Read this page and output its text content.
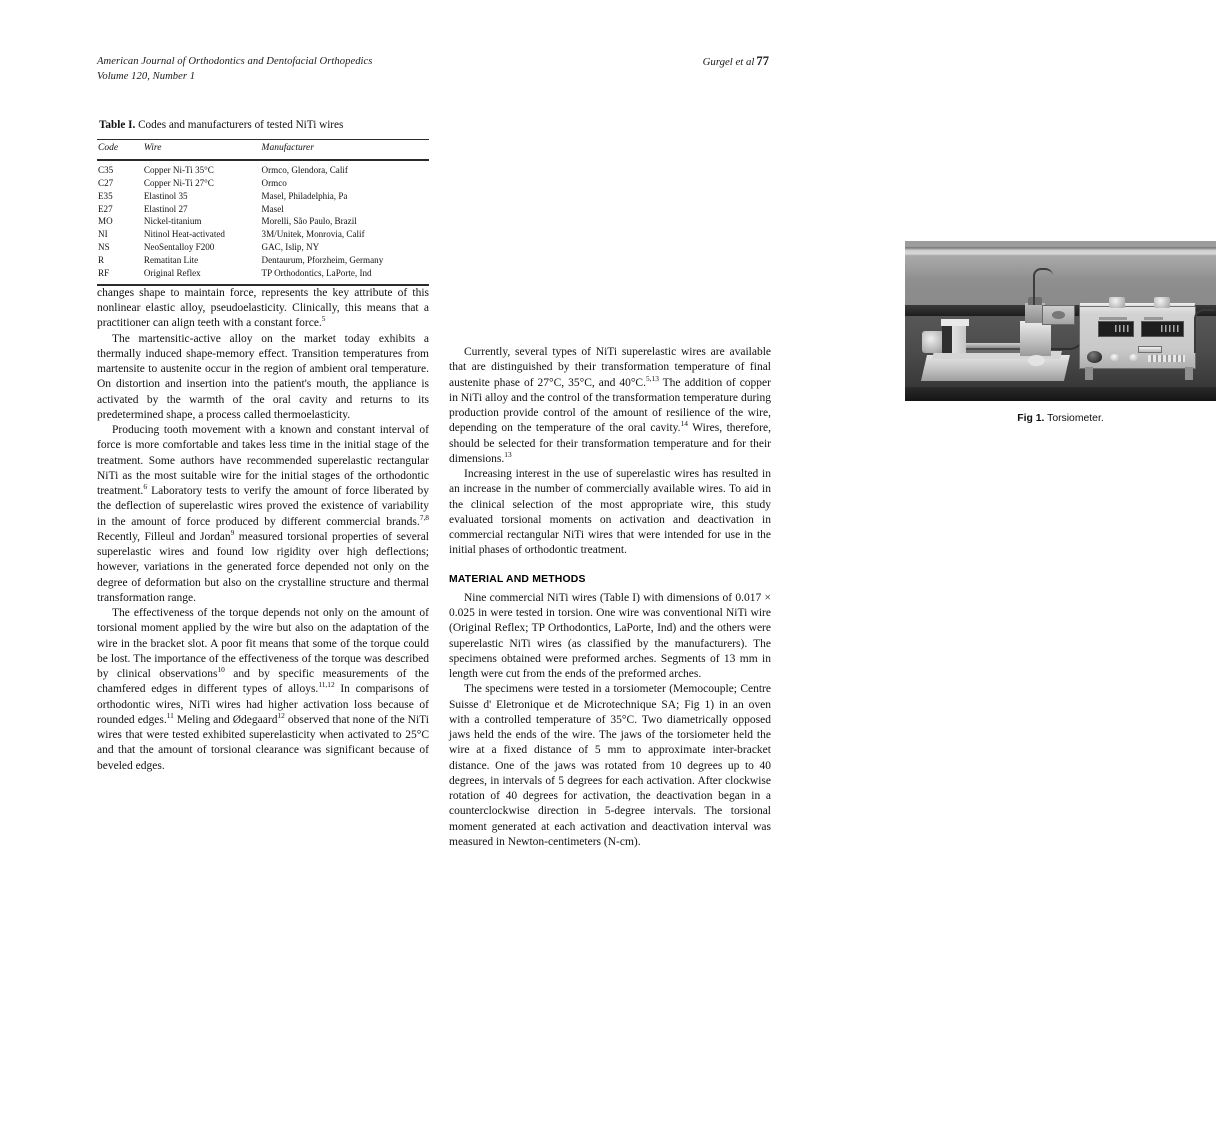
American Journal of Orthodontics and Dentofacial Orthopedics
Volume 120, Number 1
Gurgel et al 77
Table I. Codes and manufacturers of tested NiTi wires
Code	Wire	Manufacturer
C35	Copper Ni-Ti 35°C	Ormco, Glendora, Calif
C27	Copper Ni-Ti 27°C	Ormco
E35	Elastinol 35	Masel, Philadelphia, Pa
E27	Elastinol 27	Masel
MO	Nickel-titanium	Morelli, São Paulo, Brazil
NI	Nitinol Heat-activated	3M/Unitek, Monrovia, Calif
NS	NeoSentalloy F200	GAC, Islip, NY
R	Rematitan Lite	Dentaurum, Pforzheim, Germany
RF	Original Reflex	TP Orthodontics, LaPorte, Ind

changes shape to maintain force, represents the key attribute of this nonlinear elastic alloy, pseudoelasticity. Clinically, this means that a practitioner can align teeth with a constant force.$^5$

The martensitic-active alloy on the market today exhibits a thermally induced shape-memory effect. Transition temperatures from martensite to austenite occur in the region of ambient oral temperature. On distortion and insertion into the patient's mouth, the appliance is activated by the warmth of the oral cavity and returns to its predetermined shape, a process called thermoelasticity.

Producing tooth movement with a known and constant interval of force is more comfortable and takes less time in the initial stage of the treatment. Some authors have recommended superelastic rectangular NiTi as the most suitable wire for the initial stages of the orthodontic treatment.$^6$ Laboratory tests to verify the amount of force liberated by the deflection of superelastic wires proved the existence of variability in the amount of force produced by different commercial brands.$^{7,8}$ Recently, Filleul and Jordan$^9$ measured torsional properties of several superelastic wires and found low rigidity over high deflections; however, variations in the generated force depended not only on the degree of deformation but also on the crystalline structure and thermal transformation range.

The effectiveness of the torque depends not only on the amount of torsional moment applied by the wire but also on the adaptation of the wire in the bracket slot. A poor fit means that some of the torque could be lost. The importance of the effectiveness of the torque was described by clinical observations$^{10}$ and by specific measurements of the chamfered edges in different types of alloys.$^{11,12}$ In comparisons of orthodontic wires, NiTi wires had higher activation loss because of rounded edges.$^{11}$ Meling and Ødegaard$^{12}$ observed that none of the NiTi wires that were tested exhibited superelasticity when activated to 25°C and that the amount of torsional clearance was significant because of beveled edges.

Fig 1. Torsiometer.

Currently, several types of NiTi superelastic wires are available that are distinguished by their transformation temperature of final austenite phase of 27°C, 35°C, and 40°C.$^{5,13}$ The addition of copper in NiTi alloy and the control of the transformation temperature during production provide control of the amount of resilience of the wire, depending on the temperature of the oral cavity.$^{14}$ Wires, therefore, should be selected for their transformation temperature and for their dimensions.$^{13}$

Increasing interest in the use of superelastic wires has resulted in an increase in the number of commercially available wires. To aid in the clinical selection of the most appropriate wire, this study evaluated torsional moments on activation and deactivation in commercial rectangular NiTi wires that were intended for use in the initial phases of orthodontic treatment.

MATERIAL AND METHODS

Nine commercial NiTi wires (Table I) with dimensions of 0.017 × 0.025 in were tested in torsion. One wire was conventional NiTi wire (Original Reflex; TP Orthodontics, LaPorte, Ind) and the others were superelastic NiTi wires (as classified by the manufacturers). The specimens obtained were preformed arches. Segments of 13 mm in length were cut from the ends of the preformed arches.

The specimens were tested in a torsiometer (Memocouple; Centre Suisse d' Eletronique et de Microtechnique SA; Fig 1) in an oven with a controlled temperature of 35°C. Two diametrically opposed jaws held the ends of the wire. The jaws of the torsiometer held the wire at a fixed distance of 5 mm to approximate inter-bracket distance. One of the jaws was rotated from 10 degrees up to 40 degrees, in intervals of 5 degrees for each activation. After clockwise rotation of 40 degrees for activation, the deactivation began in a counterclockwise direction in 5-degree intervals. The torsional moment generated at each activation and deactivation interval was measured in Newton-centimeters (N-cm).
